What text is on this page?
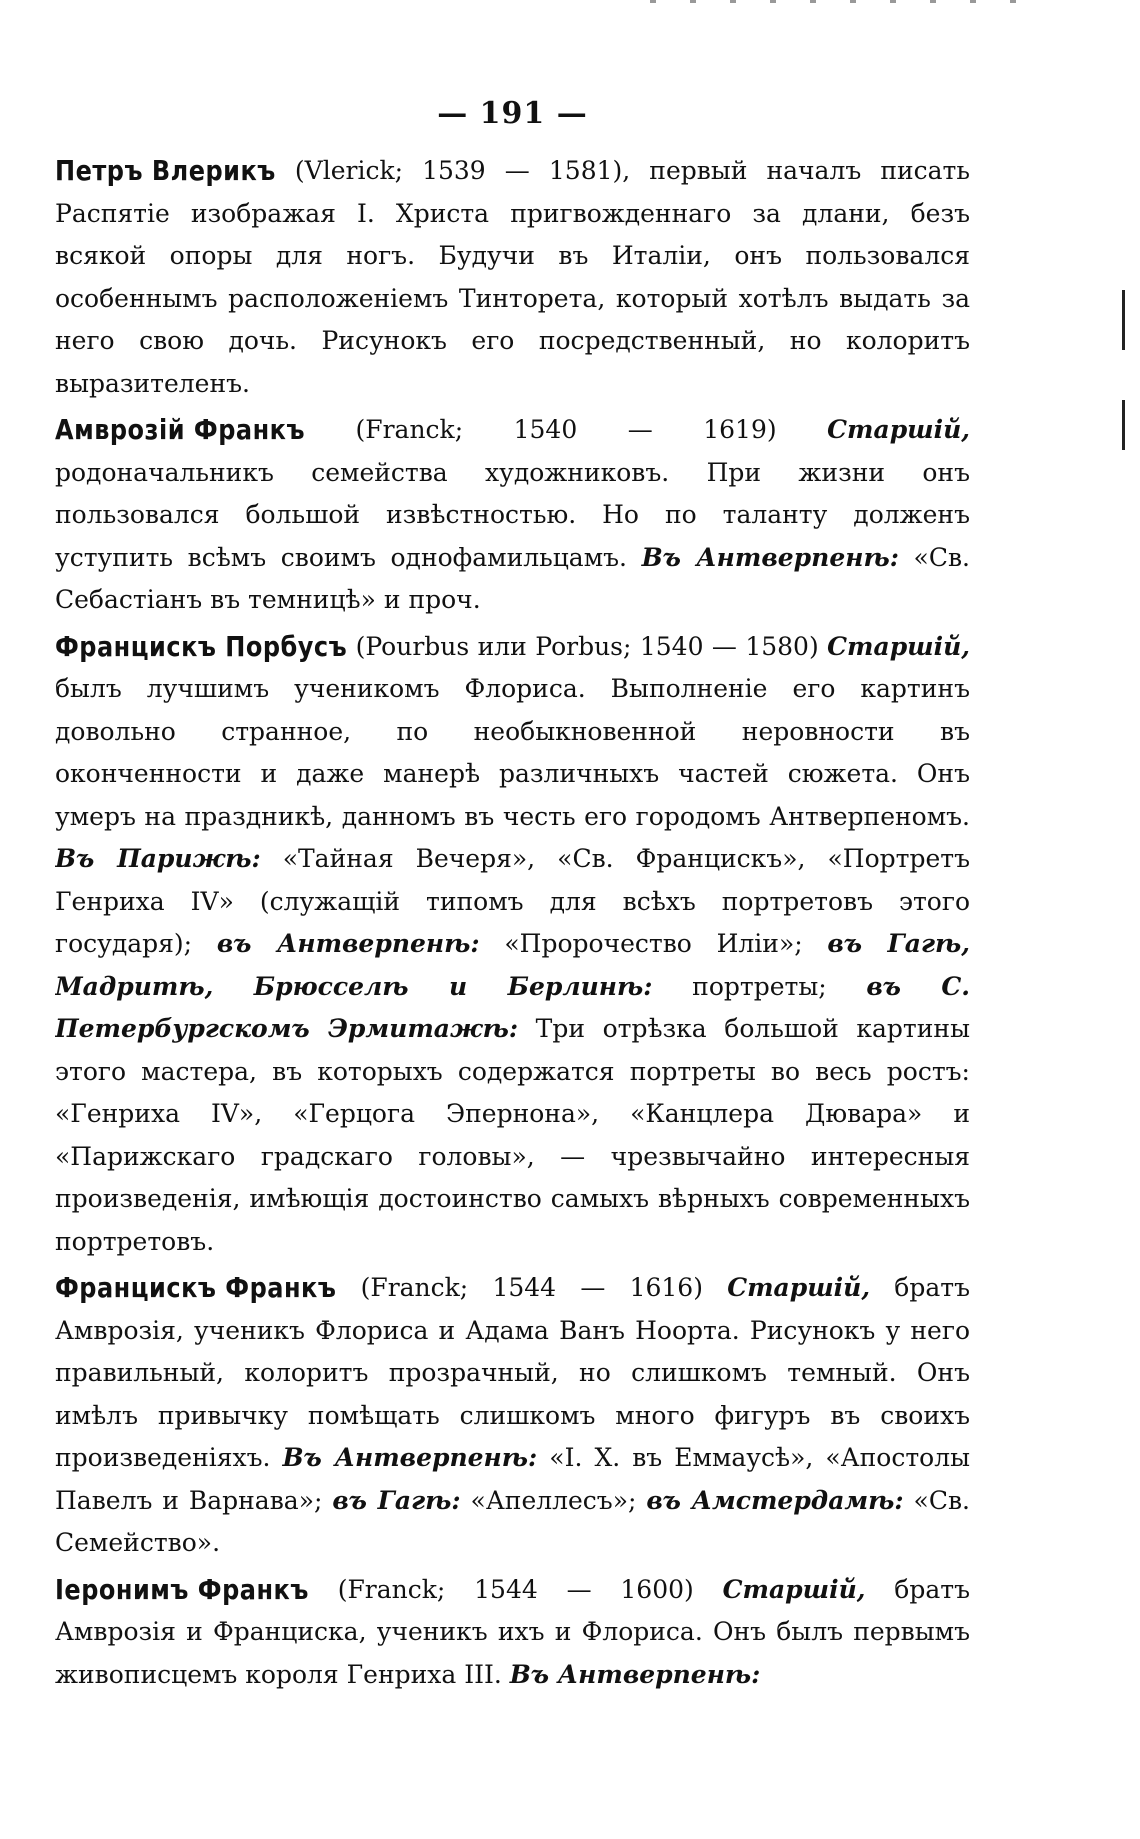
— 191 —

Петръ Влерикъ (Vlerick; 1539 — 1581), первый началъ писать Распятіе изображая І. Христа пригвожденнаго за длани, безъ всякой опоры для ногъ. Будучи въ Италіи, онъ пользовался особеннымъ расположеніемъ Тинторета, который хотѣлъ выдать за него свою дочь. Рисунокъ его посредственный, но колоритъ выразителенъ.

Амврозій Франкъ (Franck; 1540 — 1619) Старшій, родоначальникъ семейства художниковъ. При жизни онъ пользовался большой извѣстностью. Но по таланту долженъ уступить всѣмъ своимъ однофамильцамъ. Въ Антверпенѣ: «Св. Себастіанъ въ темницѣ» и проч.

Францискъ Порбусъ (Pourbus или Porbus; 1540 — 1580) Старшій, былъ лучшимъ ученикомъ Флориса. Выполненіе его картинъ довольно странное, по необыкновенной неровности въ оконченности и даже манерѣ различныхъ частей сюжета. Онъ умеръ на праздникѣ, данномъ въ честь его городомъ Антверпеномъ. Въ Парижѣ: «Тайная Вечеря», «Св. Францискъ», «Портретъ Генриха IV» (служащій типомъ для всѣхъ портретовъ этого государя); въ Антверпенѣ: «Пророчество Иліи»; въ Гагѣ, Мадритѣ, Брюсселѣ и Берлинѣ: портреты; въ С. Петербургскомъ Эрмитажѣ: Три отрѣзка большой картины этого мастера, въ которыхъ содержатся портреты во весь ростъ: «Генриха IV», «Герцога Эпернона», «Канцлера Дювара» и «Парижскаго градскаго головы», — чрезвычайно интересныя произведенія, имѣющія достоинство самыхъ вѣрныхъ современныхъ портретовъ.

Францискъ Франкъ (Franck; 1544 — 1616) Старшій, братъ Амврозія, ученикъ Флориса и Адама Ванъ Ноорта. Рисунокъ у него правильный, колоритъ прозрачный, но слишкомъ темный. Онъ имѣлъ привычку помѣщать слишкомъ много фигуръ въ своихъ произведеніяхъ. Въ Антверпенѣ: «І. Х. въ Еммаусѣ», «Апостолы Павелъ и Варнава»; въ Гагѣ: «Апеллесъ»; въ Амстердамѣ: «Св. Семейство».

Іеронимъ Франкъ (Franck; 1544 — 1600) Старшій, братъ Амврозія и Франциска, ученикъ ихъ и Флориса. Онъ былъ первымъ живописцемъ короля Генриха III. Въ Антверпенѣ:
